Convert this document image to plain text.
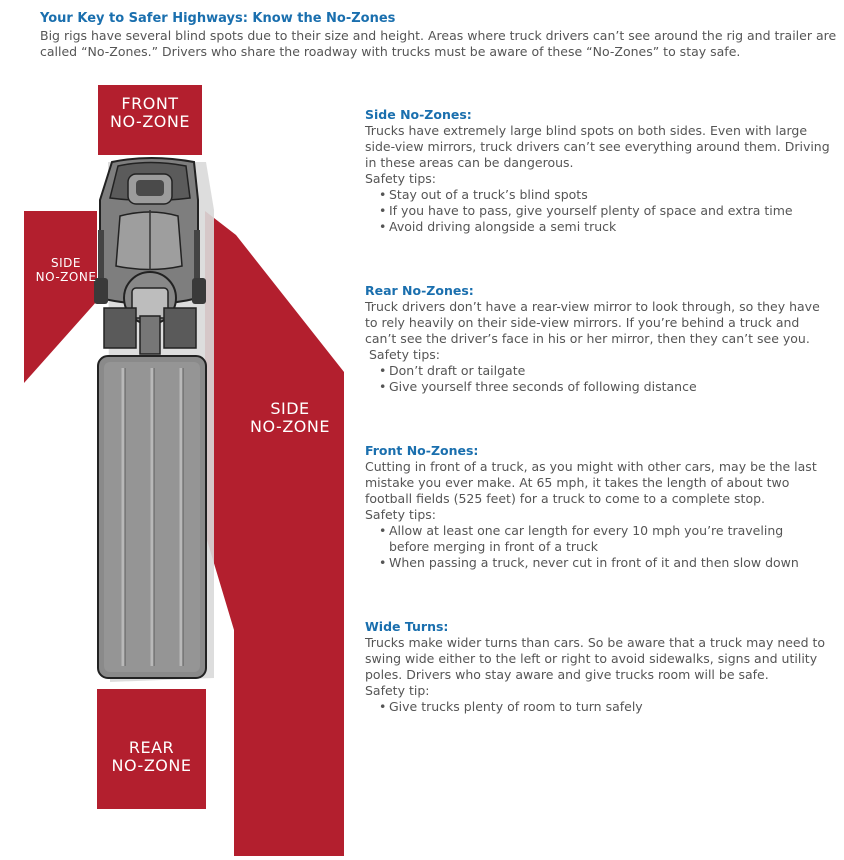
Your Key to Safer Highways: Know the No-Zones

Big rigs have several blind spots due to their size and height. Areas where truck drivers can’t see around the rig and trailer are called “No-Zones.” Drivers who share the roadway with trucks must be aware of these “No-Zones” to stay safe.

FRONT
NO-ZONE
SIDE
NO-ZONE
SIDE
NO-ZONE
REAR
NO-ZONE
Side No-Zones:

Trucks have extremely large blind spots on both sides. Even with large side-view mirrors, truck drivers can’t see everything around them. Driving in these areas can be dangerous.

Safety tips:

• Stay out of a truck’s blind spots
• If you have to pass, give yourself plenty of space and extra time
• Avoid driving alongside a semi truck
Rear No-Zones:

Truck drivers don’t have a rear-view mirror to look through, so they have to rely heavily on their side-view mirrors. If you’re behind a truck and can’t see the driver’s face in his or her mirror, then they can’t see you.

Safety tips:

• Don’t draft or tailgate
• Give yourself three seconds of following distance
Front No-Zones:

Cutting in front of a truck, as you might with other cars, may be the last mistake you ever make. At 65 mph, it takes the length of about two football fields (525 feet) for a truck to come to a complete stop.

Safety tips:

• Allow at least one car length for every 10 mph you’re traveling before merging in front of a truck
• When passing a truck, never cut in front of it and then slow down
Wide Turns:

Trucks make wider turns than cars. So be aware that a truck may need to swing wide either to the left or right to avoid sidewalks, signs and utility poles. Drivers who stay aware and give trucks room will be safe.

Safety tip:

• Give trucks plenty of room to turn safely
